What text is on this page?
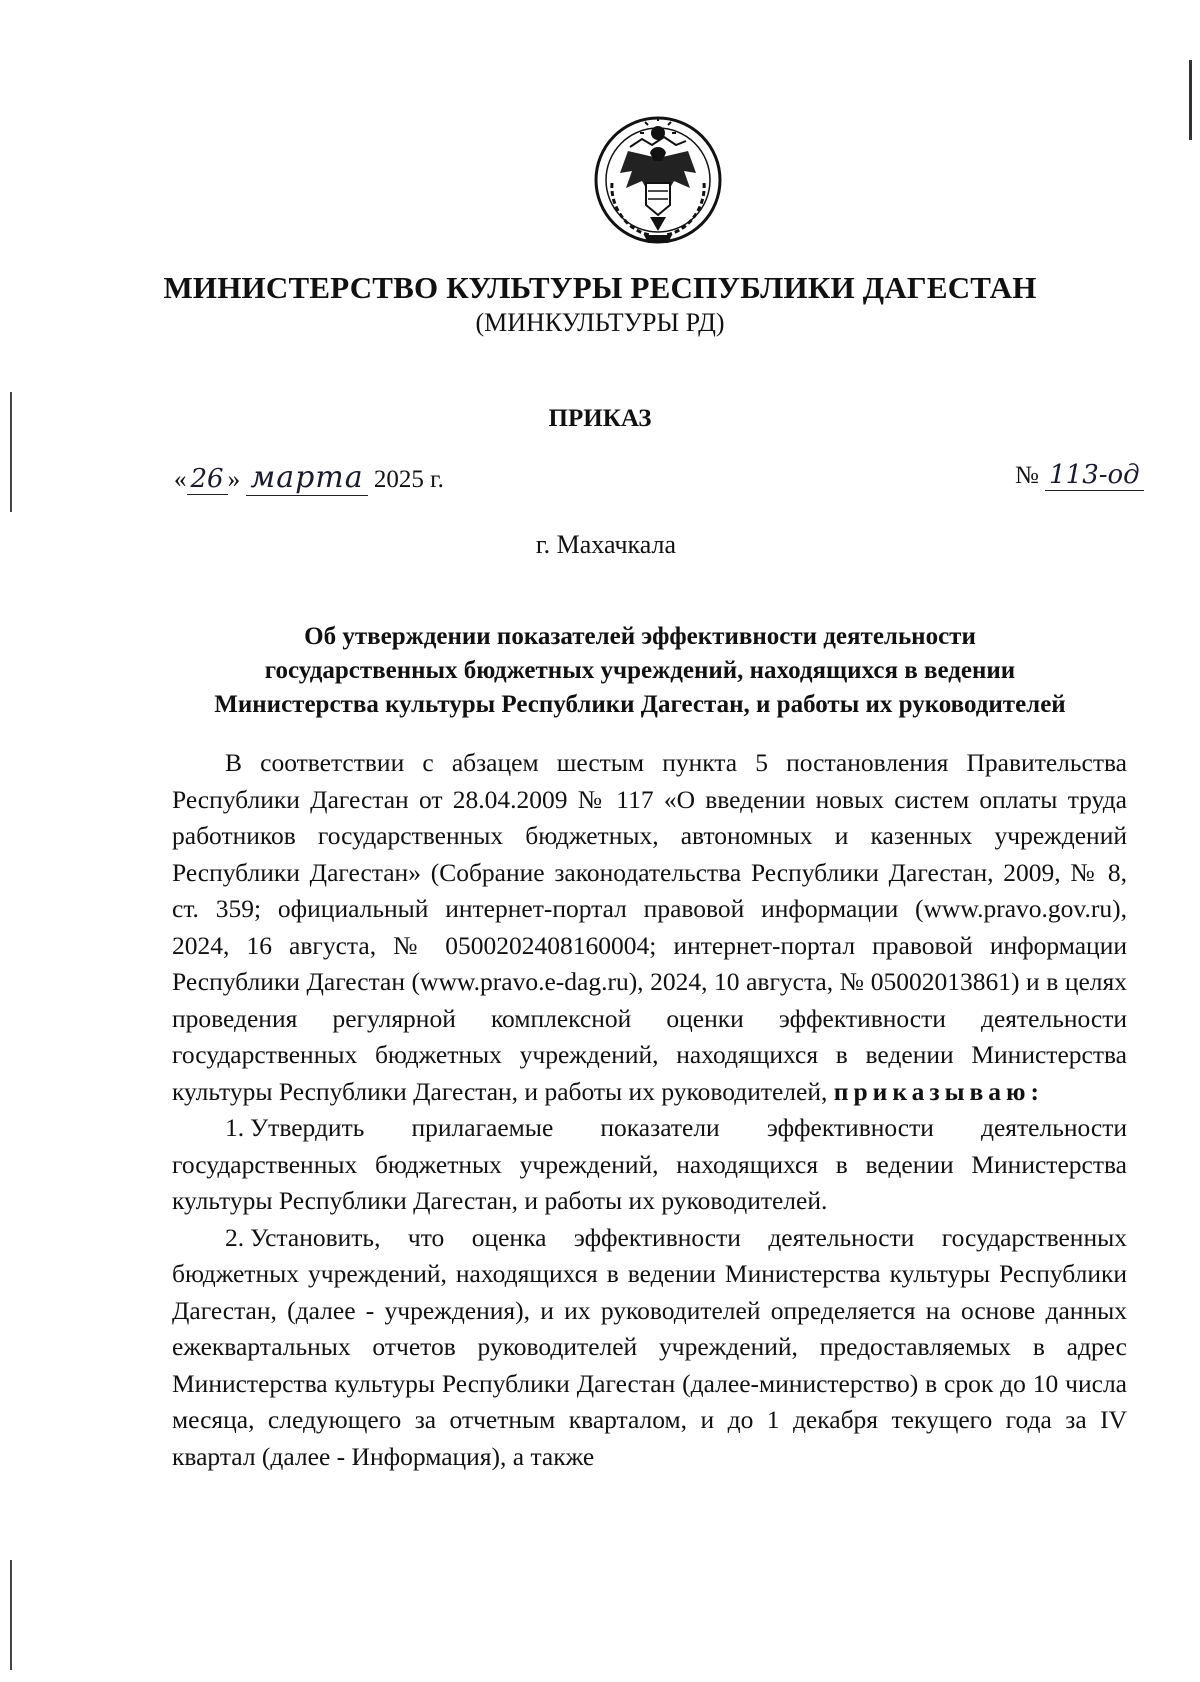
МИНИСТЕРСТВО КУЛЬТУРЫ РЕСПУБЛИКИ ДАГЕСТАН
(МИНКУЛЬТУРЫ РД)
ПРИКАЗ
« 26 » марта 2025 г.	№ 113-од
г. Махачкала
Об утверждении показателей эффективности деятельности
государственных бюджетных учреждений, находящихся в ведении
Министерства культуры Республики Дагестан, и работы их руководителей

В соответствии с абзацем шестым пункта 5 постановления Правительства Республики Дагестан от 28.04.2009 № 117 «О введении новых систем оплаты труда работников государственных бюджетных, автономных и казенных учреждений Республики Дагестан» (Собрание законодательства Республики Дагестан, 2009, № 8, ст. 359; официальный интернет-портал правовой информации (www.pravo.gov.ru), 2024, 16 августа, № 0500202408160004; интернет-портал правовой информации Республики Дагестан (www.pravo.e-dag.ru), 2024, 10 августа, № 05002013861) и в целях проведения регулярной комплексной оценки эффективности деятельности государственных бюджетных учреждений, находящихся в ведении Министерства культуры Республики Дагестан, и работы их руководителей, приказываю:

1. Утвердить прилагаемые показатели эффективности деятельности государственных бюджетных учреждений, находящихся в ведении Министерства культуры Республики Дагестан, и работы их руководителей.

2. Установить, что оценка эффективности деятельности государственных бюджетных учреждений, находящихся в ведении Министерства культуры Республики Дагестан, (далее - учреждения), и их руководителей определяется на основе данных ежеквартальных отчетов руководителей учреждений, предоставляемых в адрес Министерства культуры Республики Дагестан (далее-министерство) в срок до 10 числа месяца, следующего за отчетным кварталом, и до 1 декабря текущего года за IV квартал (далее - Информация), а также
